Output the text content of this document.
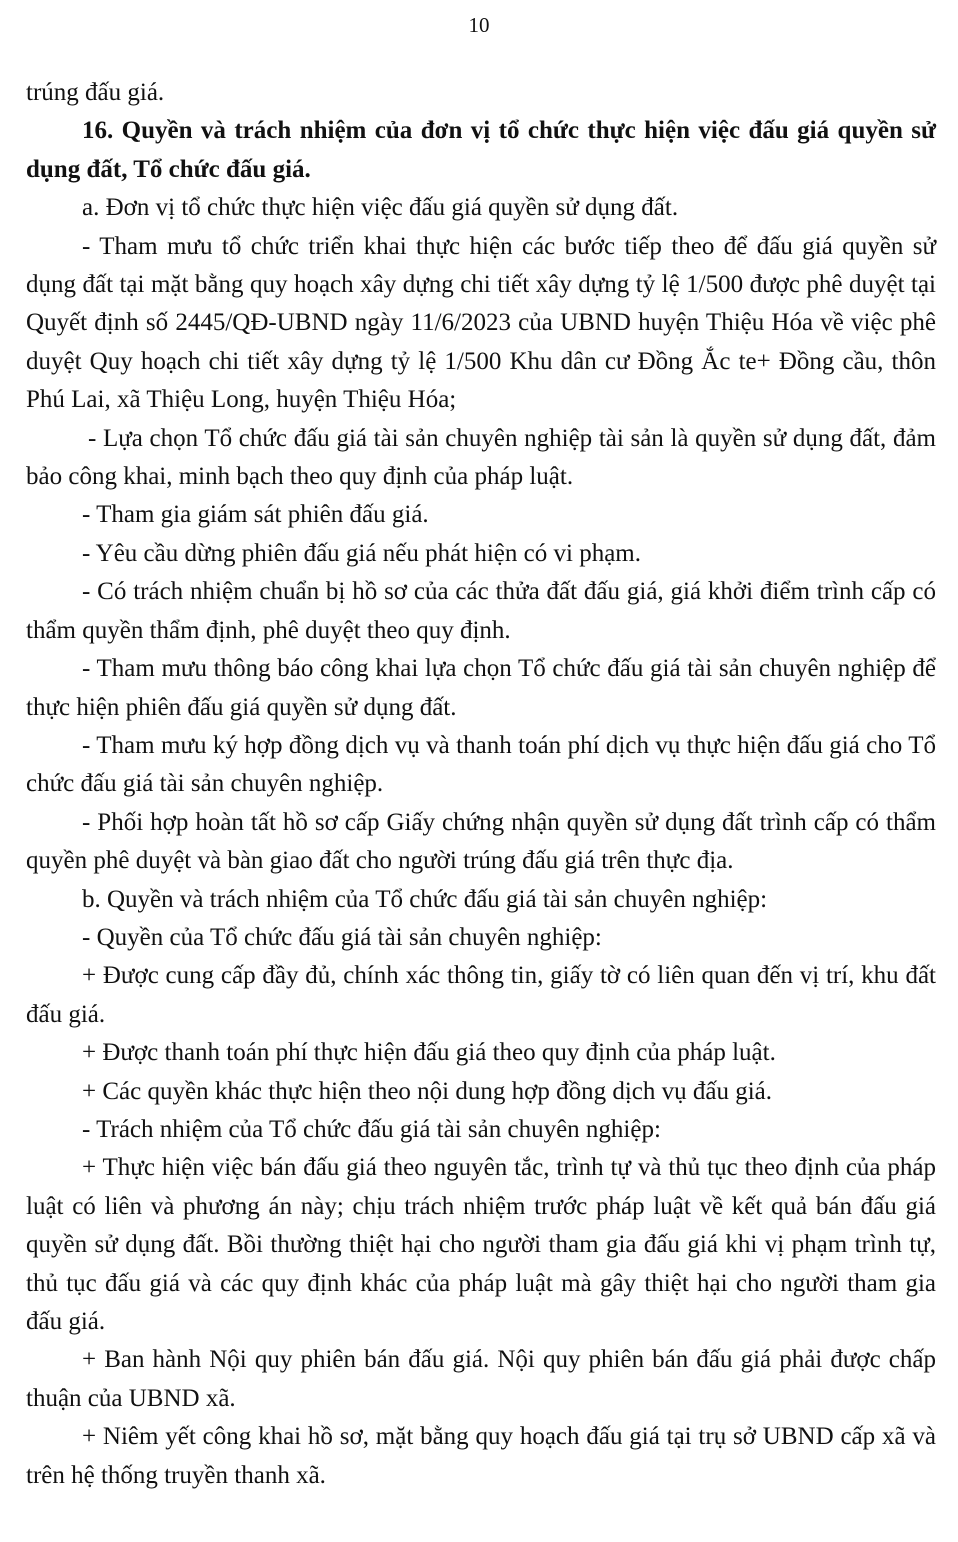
10

trúng đấu giá.

16. Quyền và trách nhiệm của đơn vị tổ chức thực hiện việc đấu giá quyền sử dụng đất, Tổ chức đấu giá.

a. Đơn vị tổ chức thực hiện việc đấu giá quyền sử dụng đất.

- Tham mưu tổ chức triển khai thực hiện các bước tiếp theo để đấu giá quyền sử dụng đất tại mặt bằng quy hoạch xây dựng chi tiết xây dựng tỷ lệ 1/500 được phê duyệt tại Quyết định số 2445/QĐ-UBND ngày 11/6/2023 của UBND huyện Thiệu Hóa về việc phê duyệt Quy hoạch chi tiết xây dựng tỷ lệ 1/500 Khu dân cư Đồng Ắc te+ Đồng cầu, thôn Phú Lai, xã Thiệu Long, huyện Thiệu Hóa;

- Lựa chọn Tổ chức đấu giá tài sản chuyên nghiệp tài sản là quyền sử dụng đất, đảm bảo công khai, minh bạch theo quy định của pháp luật.

- Tham gia giám sát phiên đấu giá.

- Yêu cầu dừng phiên đấu giá nếu phát hiện có vi phạm.

- Có trách nhiệm chuẩn bị hồ sơ của các thửa đất đấu giá, giá khởi điểm trình cấp có thẩm quyền thẩm định, phê duyệt theo quy định.

- Tham mưu thông báo công khai lựa chọn Tổ chức đấu giá tài sản chuyên nghiệp để thực hiện phiên đấu giá quyền sử dụng đất.

- Tham mưu ký hợp đồng dịch vụ và thanh toán phí dịch vụ thực hiện đấu giá cho Tổ chức đấu giá tài sản chuyên nghiệp.

- Phối hợp hoàn tất hồ sơ cấp Giấy chứng nhận quyền sử dụng đất trình cấp có thẩm quyền phê duyệt và bàn giao đất cho người trúng đấu giá trên thực địa.

b. Quyền và trách nhiệm của Tổ chức đấu giá tài sản chuyên nghiệp:

- Quyền của Tổ chức đấu giá tài sản chuyên nghiệp:

+ Được cung cấp đầy đủ, chính xác thông tin, giấy tờ có liên quan đến vị trí, khu đất đấu giá.

+ Được thanh toán phí thực hiện đấu giá theo quy định của pháp luật.

+ Các quyền khác thực hiện theo nội dung hợp đồng dịch vụ đấu giá.

- Trách nhiệm của Tổ chức đấu giá tài sản chuyên nghiệp:

+ Thực hiện việc bán đấu giá theo nguyên tắc, trình tự và thủ tục theo định của pháp luật có liên và phương án này; chịu trách nhiệm trước pháp luật về kết quả bán đấu giá quyền sử dụng đất. Bồi thường thiệt hại cho người tham gia đấu giá khi vị phạm trình tự, thủ tục đấu giá và các quy định khác của pháp luật mà gây thiệt hại cho người tham gia đấu giá.

+ Ban hành Nội quy phiên bán đấu giá. Nội quy phiên bán đấu giá phải được chấp thuận của UBND xã.

+ Niêm yết công khai hồ sơ, mặt bằng quy hoạch đấu giá tại trụ sở UBND cấp xã và trên hệ thống truyền thanh xã.
